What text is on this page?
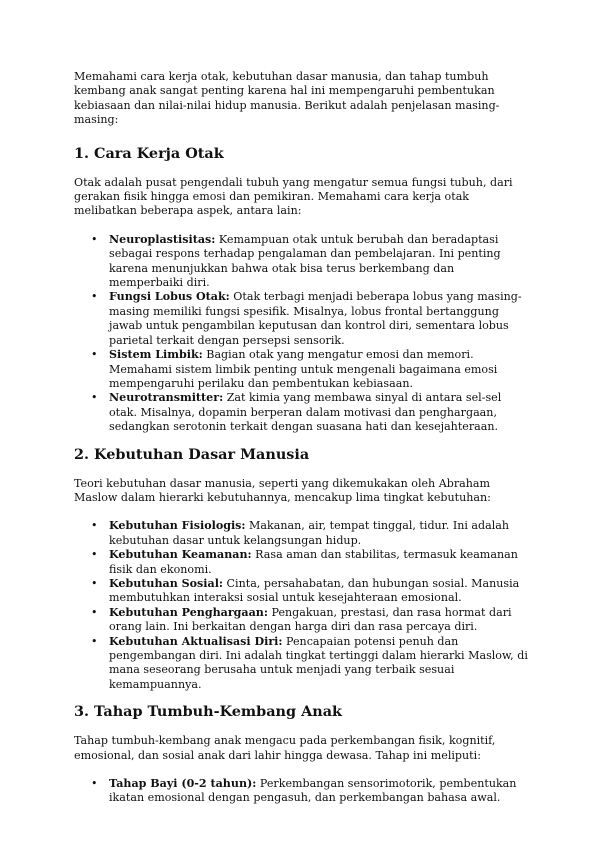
Memahami cara kerja otak, kebutuhan dasar manusia, dan tahap tumbuh kembang anak sangat penting karena hal ini mempengaruhi pembentukan kebiasaan dan nilai-nilai hidup manusia. Berikut adalah penjelasan masing-masing:

1. Cara Kerja Otak

Otak adalah pusat pengendali tubuh yang mengatur semua fungsi tubuh, dari gerakan fisik hingga emosi dan pemikiran. Memahami cara kerja otak melibatkan beberapa aspek, antara lain:

• Neuroplastisitas: Kemampuan otak untuk berubah dan beradaptasi sebagai respons terhadap pengalaman dan pembelajaran. Ini penting karena menunjukkan bahwa otak bisa terus berkembang dan memperbaiki diri.
• Fungsi Lobus Otak: Otak terbagi menjadi beberapa lobus yang masing-masing memiliki fungsi spesifik. Misalnya, lobus frontal bertanggung jawab untuk pengambilan keputusan dan kontrol diri, sementara lobus parietal terkait dengan persepsi sensorik.
• Sistem Limbik: Bagian otak yang mengatur emosi dan memori. Memahami sistem limbik penting untuk mengenali bagaimana emosi mempengaruhi perilaku dan pembentukan kebiasaan.
• Neurotransmitter: Zat kimia yang membawa sinyal di antara sel-sel otak. Misalnya, dopamin berperan dalam motivasi dan penghargaan, sedangkan serotonin terkait dengan suasana hati dan kesejahteraan.
2. Kebutuhan Dasar Manusia

Teori kebutuhan dasar manusia, seperti yang dikemukakan oleh Abraham Maslow dalam hierarki kebutuhannya, mencakup lima tingkat kebutuhan:

• Kebutuhan Fisiologis: Makanan, air, tempat tinggal, tidur. Ini adalah kebutuhan dasar untuk kelangsungan hidup.
• Kebutuhan Keamanan: Rasa aman dan stabilitas, termasuk keamanan fisik dan ekonomi.
• Kebutuhan Sosial: Cinta, persahabatan, dan hubungan sosial. Manusia membutuhkan interaksi sosial untuk kesejahteraan emosional.
• Kebutuhan Penghargaan: Pengakuan, prestasi, dan rasa hormat dari orang lain. Ini berkaitan dengan harga diri dan rasa percaya diri.
• Kebutuhan Aktualisasi Diri: Pencapaian potensi penuh dan pengembangan diri. Ini adalah tingkat tertinggi dalam hierarki Maslow, di mana seseorang berusaha untuk menjadi yang terbaik sesuai kemampuannya.
3. Tahap Tumbuh-Kembang Anak

Tahap tumbuh-kembang anak mengacu pada perkembangan fisik, kognitif, emosional, dan sosial anak dari lahir hingga dewasa. Tahap ini meliputi:

• Tahap Bayi (0-2 tahun): Perkembangan sensorimotorik, pembentukan ikatan emosional dengan pengasuh, dan perkembangan bahasa awal.
